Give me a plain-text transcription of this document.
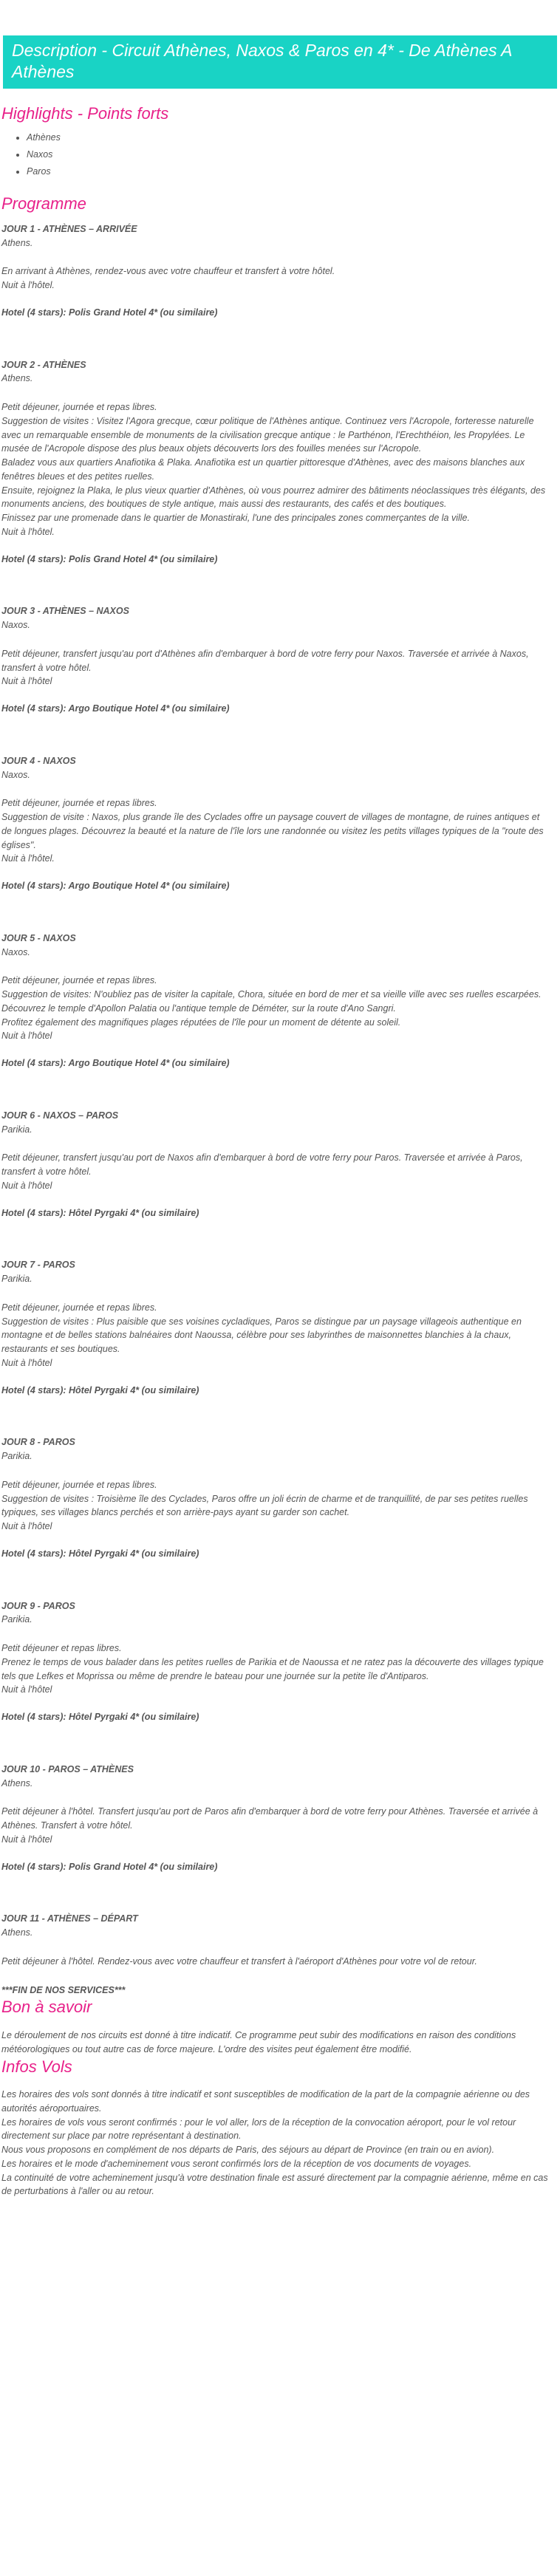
Description - Circuit Athènes, Naxos & Paros en 4* - De Athènes A Athènes
Highlights - Points forts
• Athènes
• Naxos
• Paros
Programme
JOUR 1 - ATHÈNES – ARRIVÉE
Athens.

En arrivant à Athènes, rendez-vous avec votre chauffeur et transfert à votre hôtel.

Nuit à l'hôtel.

Hotel (4 stars): Polis Grand Hotel 4* (ou similaire)
JOUR 2 - ATHÈNES
Athens.

Petit déjeuner, journée et repas libres.

Suggestion de visites : Visitez l'Agora grecque, cœur politique de l'Athènes antique. Continuez vers l'Acropole, forteresse naturelle avec un remarquable ensemble de monuments de la civilisation grecque antique : le Parthénon, l'Erechthéion, les Propylées. Le musée de l'Acropole dispose des plus beaux objets découverts lors des fouilles menées sur l'Acropole.

Baladez vous aux quartiers Anafiotika & Plaka. Anafiotika est un quartier pittoresque d'Athènes, avec des maisons blanches aux fenêtres bleues et des petites ruelles.

Ensuite, rejoignez la Plaka, le plus vieux quartier d'Athènes, où vous pourrez admirer des bâtiments néoclassiques très élégants, des monuments anciens, des boutiques de style antique, mais aussi des restaurants, des cafés et des boutiques.

Finissez par une promenade dans le quartier de Monastiraki, l'une des principales zones commerçantes de la ville.

Nuit à l'hôtel.

Hotel (4 stars): Polis Grand Hotel 4* (ou similaire)
JOUR 3 - ATHÈNES – NAXOS
Naxos.

Petit déjeuner, transfert jusqu'au port d'Athènes afin d'embarquer à bord de votre ferry pour Naxos. Traversée et arrivée à Naxos, transfert à votre hôtel.

Nuit à l'hôtel

Hotel (4 stars): Argo Boutique Hotel 4* (ou similaire)
JOUR 4 - NAXOS
Naxos.

Petit déjeuner, journée et repas libres.

Suggestion de visite : Naxos, plus grande île des Cyclades offre un paysage couvert de villages de montagne, de ruines antiques et de longues plages. Découvrez la beauté et la nature de l'île lors une randonnée ou visitez les petits villages typiques de la "route des églises".

Nuit à l'hôtel.

Hotel (4 stars): Argo Boutique Hotel 4* (ou similaire)
JOUR 5 - NAXOS
Naxos.

Petit déjeuner, journée et repas libres.

Suggestion de visites: N'oubliez pas de visiter la capitale, Chora, située en bord de mer et sa vieille ville avec ses ruelles escarpées.

Découvrez le temple d'Apollon Palatia ou l'antique temple de Déméter, sur la route d'Ano Sangri.

Profitez également des magnifiques plages réputées de l'île pour un moment de détente au soleil.

Nuit à l'hôtel

Hotel (4 stars): Argo Boutique Hotel 4* (ou similaire)
JOUR 6 - NAXOS – PAROS
Parikia.

Petit déjeuner, transfert jusqu'au port de Naxos afin d'embarquer à bord de votre ferry pour Paros. Traversée et arrivée à Paros, transfert à votre hôtel.

Nuit à l'hôtel

Hotel (4 stars): Hôtel Pyrgaki 4* (ou similaire)
JOUR 7 - PAROS
Parikia.

Petit déjeuner, journée et repas libres.

Suggestion de visites : Plus paisible que ses voisines cycladiques, Paros se distingue par un paysage villageois authentique en montagne et de belles stations balnéaires dont Naoussa, célèbre pour ses labyrinthes de maisonnettes blanchies à la chaux, restaurants et ses boutiques.

Nuit à l'hôtel

Hotel (4 stars): Hôtel Pyrgaki 4* (ou similaire)
JOUR 8 - PAROS
Parikia.

Petit déjeuner, journée et repas libres.

Suggestion de visites : Troisième île des Cyclades, Paros offre un joli écrin de charme et de tranquillité, de par ses petites ruelles typiques, ses villages blancs perchés et son arrière-pays ayant su garder son cachet.

Nuit à l'hôtel

Hotel (4 stars): Hôtel Pyrgaki 4* (ou similaire)
JOUR 9 - PAROS
Parikia.

Petit déjeuner et repas libres.

Prenez le temps de vous balader dans les petites ruelles de Parikia et de Naoussa et ne ratez pas la découverte des villages typique tels que Lefkes et Moprissa ou même de prendre le bateau pour une journée sur la petite île d'Antiparos.

Nuit à l'hôtel

Hotel (4 stars): Hôtel Pyrgaki 4* (ou similaire)
JOUR 10 - PAROS – ATHÈNES
Athens.

Petit déjeuner à l'hôtel. Transfert jusqu'au port de Paros afin d'embarquer à bord de votre ferry pour Athènes. Traversée et arrivée à Athènes. Transfert à votre hôtel.

Nuit à l'hôtel

Hotel (4 stars): Polis Grand Hotel 4* (ou similaire)
JOUR 11 - ATHÈNES – DÉPART
Athens.

Petit déjeuner à l'hôtel. Rendez-vous avec votre chauffeur et transfert à l'aéroport d'Athènes pour votre vol de retour.

***FIN DE NOS SERVICES***
Bon à savoir

Le déroulement de nos circuits est donné à titre indicatif. Ce programme peut subir des modifications en raison des conditions météorologiques ou tout autre cas de force majeure. L'ordre des visites peut également être modifié.

Infos Vols

Les horaires des vols sont donnés à titre indicatif et sont susceptibles de modification de la part de la compagnie aérienne ou des autorités aéroportuaires.

Les horaires de vols vous seront confirmés : pour le vol aller, lors de la réception de la convocation aéroport, pour le vol retour directement sur place par notre représentant à destination.

Nous vous proposons en complément de nos départs de Paris, des séjours au départ de Province (en train ou en avion).

Les horaires et le mode d'acheminement vous seront confirmés lors de la réception de vos documents de voyages.

La continuité de votre acheminement jusqu'à votre destination finale est assuré directement par la compagnie aérienne, même en cas de perturbations à l'aller ou au retour.
